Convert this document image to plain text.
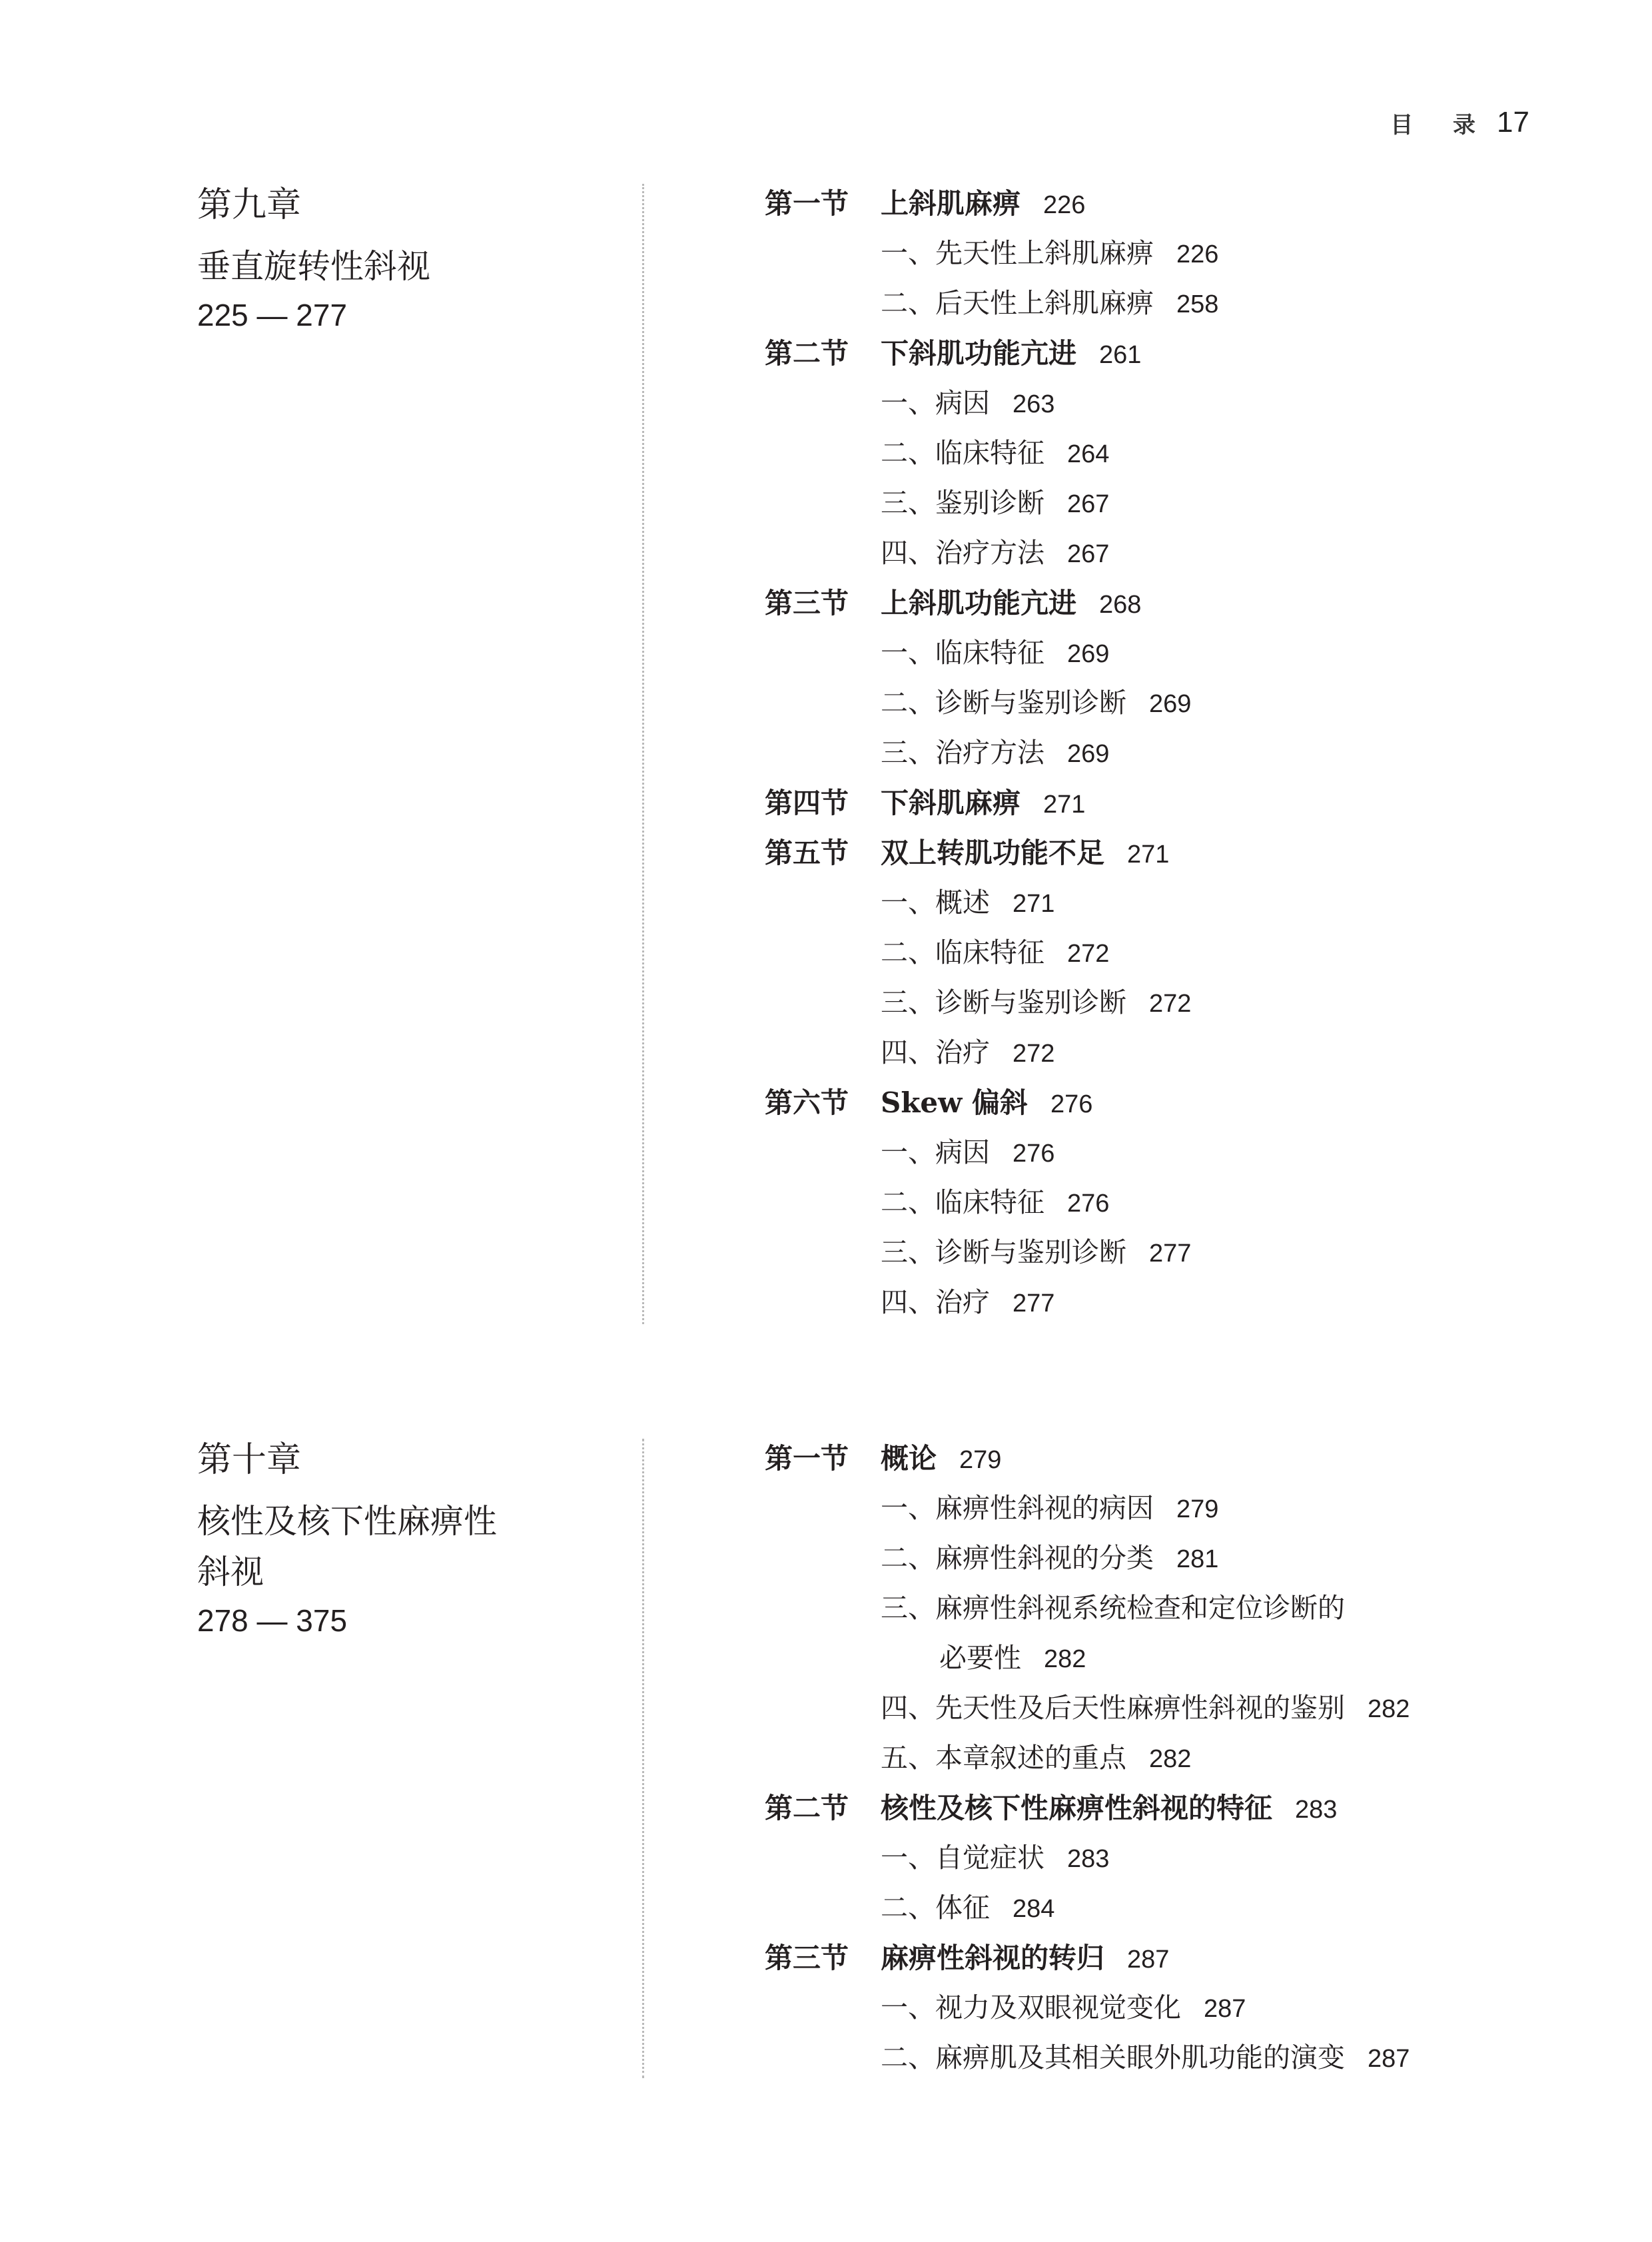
目 录 17
第九章
垂直旋转性斜视
225 — 277
第一节 上斜肌麻痹 226
一、先天性上斜肌麻痹 226
二、后天性上斜肌麻痹 258
第二节 下斜肌功能亢进 261
一、病因 263
二、临床特征 264
三、鉴别诊断 267
四、治疗方法 267
第三节 上斜肌功能亢进 268
一、临床特征 269
二、诊断与鉴别诊断 269
三、治疗方法 269
第四节 下斜肌麻痹 271
第五节 双上转肌功能不足 271
一、概述 271
二、临床特征 272
三、诊断与鉴别诊断 272
四、治疗 272
第六节 Skew 偏斜 276
一、病因 276
二、临床特征 276
三、诊断与鉴别诊断 277
四、治疗 277
第十章
核性及核下性麻痹性
斜视
278 — 375
第一节 概论 279
一、麻痹性斜视的病因 279
二、麻痹性斜视的分类 281
三、麻痹性斜视系统检查和定位诊断的
必要性 282
四、先天性及后天性麻痹性斜视的鉴别 282
五、本章叙述的重点 282
第二节 核性及核下性麻痹性斜视的特征 283
一、自觉症状 283
二、体征 284
第三节 麻痹性斜视的转归 287
一、视力及双眼视觉变化 287
二、麻痹肌及其相关眼外肌功能的演变 287
